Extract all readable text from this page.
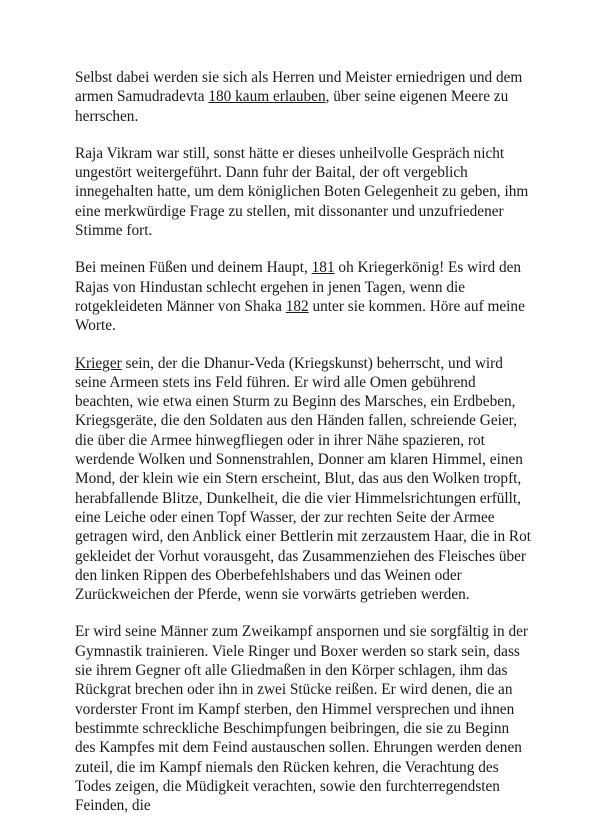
Selbst dabei werden sie sich als Herren und Meister erniedrigen und dem armen Samudradevta 180 kaum erlauben, über seine eigenen Meere zu herrschen.

Raja Vikram war still, sonst hätte er dieses unheilvolle Gespräch nicht ungestört weitergeführt. Dann fuhr der Baital, der oft vergeblich innegehalten hatte, um dem königlichen Boten Gelegenheit zu geben, ihm eine merkwürdige Frage zu stellen, mit dissonanter und unzufriedener Stimme fort.

Bei meinen Füßen und deinem Haupt, 181 oh Kriegerkönig! Es wird den Rajas von Hindustan schlecht ergehen in jenen Tagen, wenn die rotgekleideten Männer von Shaka 182 unter sie kommen. Höre auf meine Worte.

Krieger sein, der die Dhanur-Veda (Kriegskunst) beherrscht, und wird seine Armeen stets ins Feld führen. Er wird alle Omen gebührend beachten, wie etwa einen Sturm zu Beginn des Marsches, ein Erdbeben, Kriegsgeräte, die den Soldaten aus den Händen fallen, schreiende Geier, die über die Armee hinwegfliegen oder in ihrer Nähe spazieren, rot werdende Wolken und Sonnenstrahlen, Donner am klaren Himmel, einen Mond, der klein wie ein Stern erscheint, Blut, das aus den Wolken tropft, herabfallende Blitze, Dunkelheit, die die vier Himmelsrichtungen erfüllt, eine Leiche oder einen Topf Wasser, der zur rechten Seite der Armee getragen wird, den Anblick einer Bettlerin mit zerzaustem Haar, die in Rot gekleidet der Vorhut vorausgeht, das Zusammenziehen des Fleisches über den linken Rippen des Oberbefehlshabers und das Weinen oder Zurückweichen der Pferde, wenn sie vorwärts getrieben werden.

Er wird seine Männer zum Zweikampf anspornen und sie sorgfältig in der Gymnastik trainieren. Viele Ringer und Boxer werden so stark sein, dass sie ihrem Gegner oft alle Gliedmaßen in den Körper schlagen, ihm das Rückgrat brechen oder ihn in zwei Stücke reißen. Er wird denen, die an vorderster Front im Kampf sterben, den Himmel versprechen und ihnen bestimmte schreckliche Beschimpfungen beibringen, die sie zu Beginn des Kampfes mit dem Feind austauschen sollen. Ehrungen werden denen zuteil, die im Kampf niemals den Rücken kehren, die Verachtung des Todes zeigen, die Müdigkeit verachten, sowie den furchterregendsten Feinden, die
